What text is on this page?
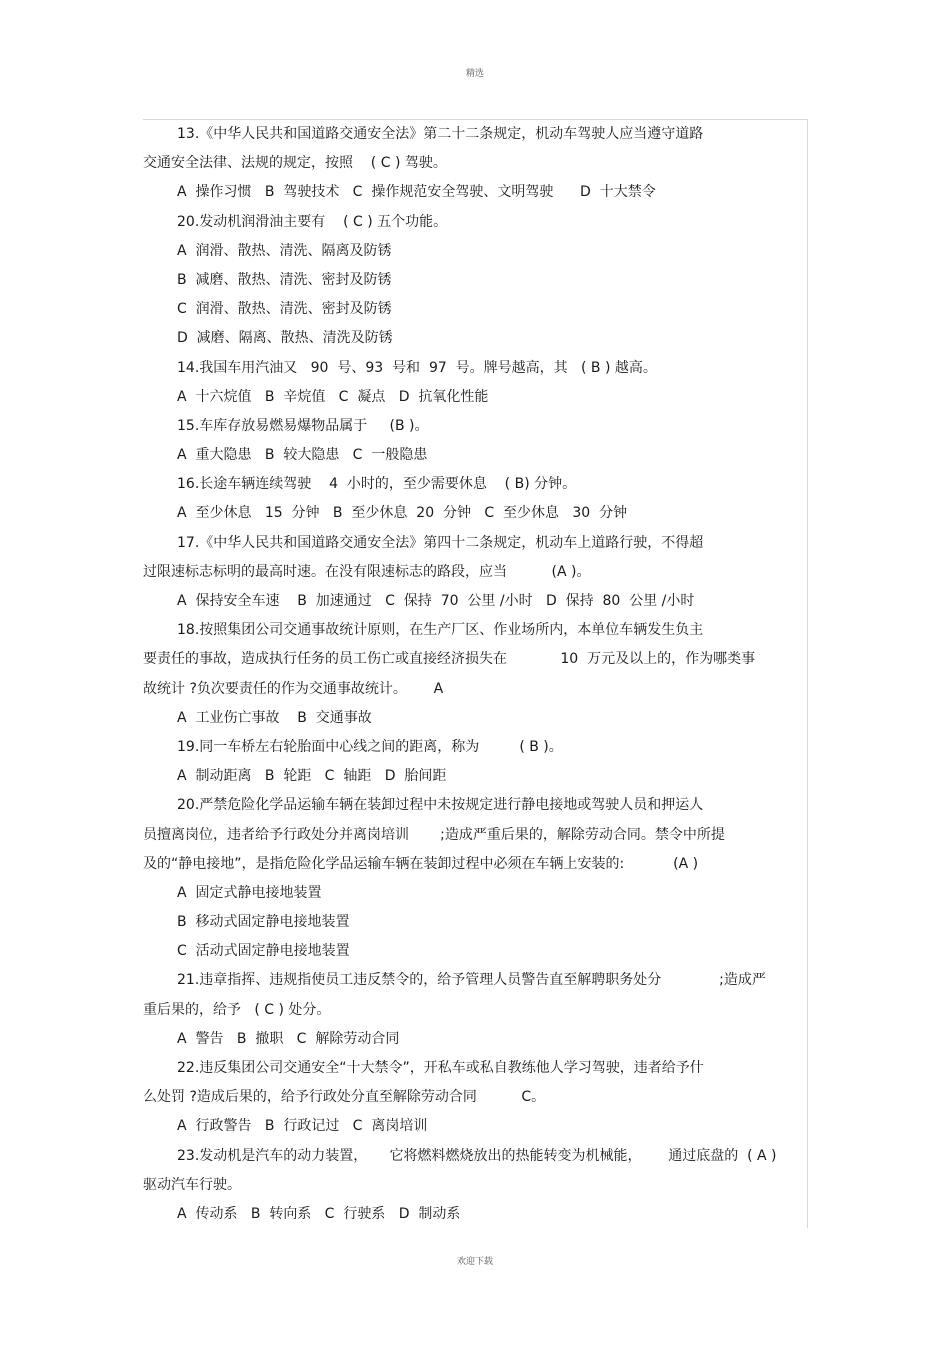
精选
13.《中华人民共和国道路交通安全法》第二十二条规定，机动车驾驶人应当遵守道路
交通安全法律、法规的规定，按照    ( C ) 驾驶。
A  操作习惯   B  驾驶技术   C  操作规范安全驾驶、文明驾驶      D  十大禁令
20.发动机润滑油主要有    ( C ) 五个功能。
A  润滑、散热、清洗、隔离及防锈
B  减磨、散热、清洗、密封及防锈
C  润滑、散热、清洗、密封及防锈
D  减磨、隔离、散热、清洗及防锈
14.我国车用汽油又   90  号、93  号和  97  号。牌号越高，其   ( B ) 越高。
A  十六烷值   B  辛烷值   C  凝点   D  抗氧化性能
15.车库存放易燃易爆物品属于     (B )。
A  重大隐患   B  较大隐患   C  一般隐患
16.长途车辆连续驾驶    4  小时的，至少需要休息    ( B) 分钟。
A  至少休息   15  分钟   B  至少休息  20  分钟   C  至少休息   30  分钟
17.《中华人民共和国道路交通安全法》第四十二条规定，机动车上道路行驶，不得超
过限速标志标明的最高时速。在没有限速标志的路段，应当          (A )。
A  保持安全车速    B  加速通过   C  保持  70  公里 /小时   D  保持  80  公里 /小时
18.按照集团公司交通事故统计原则，在生产厂区、作业场所内，本单位车辆发生负主
要责任的事故，造成执行任务的员工伤亡或直接经济损失在            10  万元及以上的，作为哪类事
故统计 ?负次要责任的作为交通事故统计。      A
A  工业伤亡事故    B  交通事故
19.同一车桥左右轮胎面中心线之间的距离，称为         ( B )。
A  制动距离   B  轮距   C  轴距   D  胎间距
20.严禁危险化学品运输车辆在装卸过程中未按规定进行静电接地或驾驶人员和押运人
员擅离岗位，违者给予行政处分并离岗培训       ;造成严重后果的，解除劳动合同。禁令中所提
及的“静电接地”，是指危险化学品运输车辆在装卸过程中必须在车辆上安装的:           (A )
A  固定式静电接地装置
B  移动式固定静电接地装置
C  活动式固定静电接地装置
21.违章指挥、违规指使员工违反禁令的，给予管理人员警告直至解聘职务处分             ;造成严
重后果的，给予   ( C ) 处分。
A  警告   B  撤职   C  解除劳动合同
22.违反集团公司交通安全“十大禁令”，开私车或私自教练他人学习驾驶，违者给予什
么处罚 ?造成后果的，给予行政处分直至解除劳动合同          C。
A  行政警告   B  行政记过   C  离岗培训
23.发动机是汽车的动力装置，     它将燃料燃烧放出的热能转变为机械能，      通过底盘的  ( A )
驱动汽车行驶。
A  传动系   B  转向系   C  行驶系   D  制动系
欢迎下载
